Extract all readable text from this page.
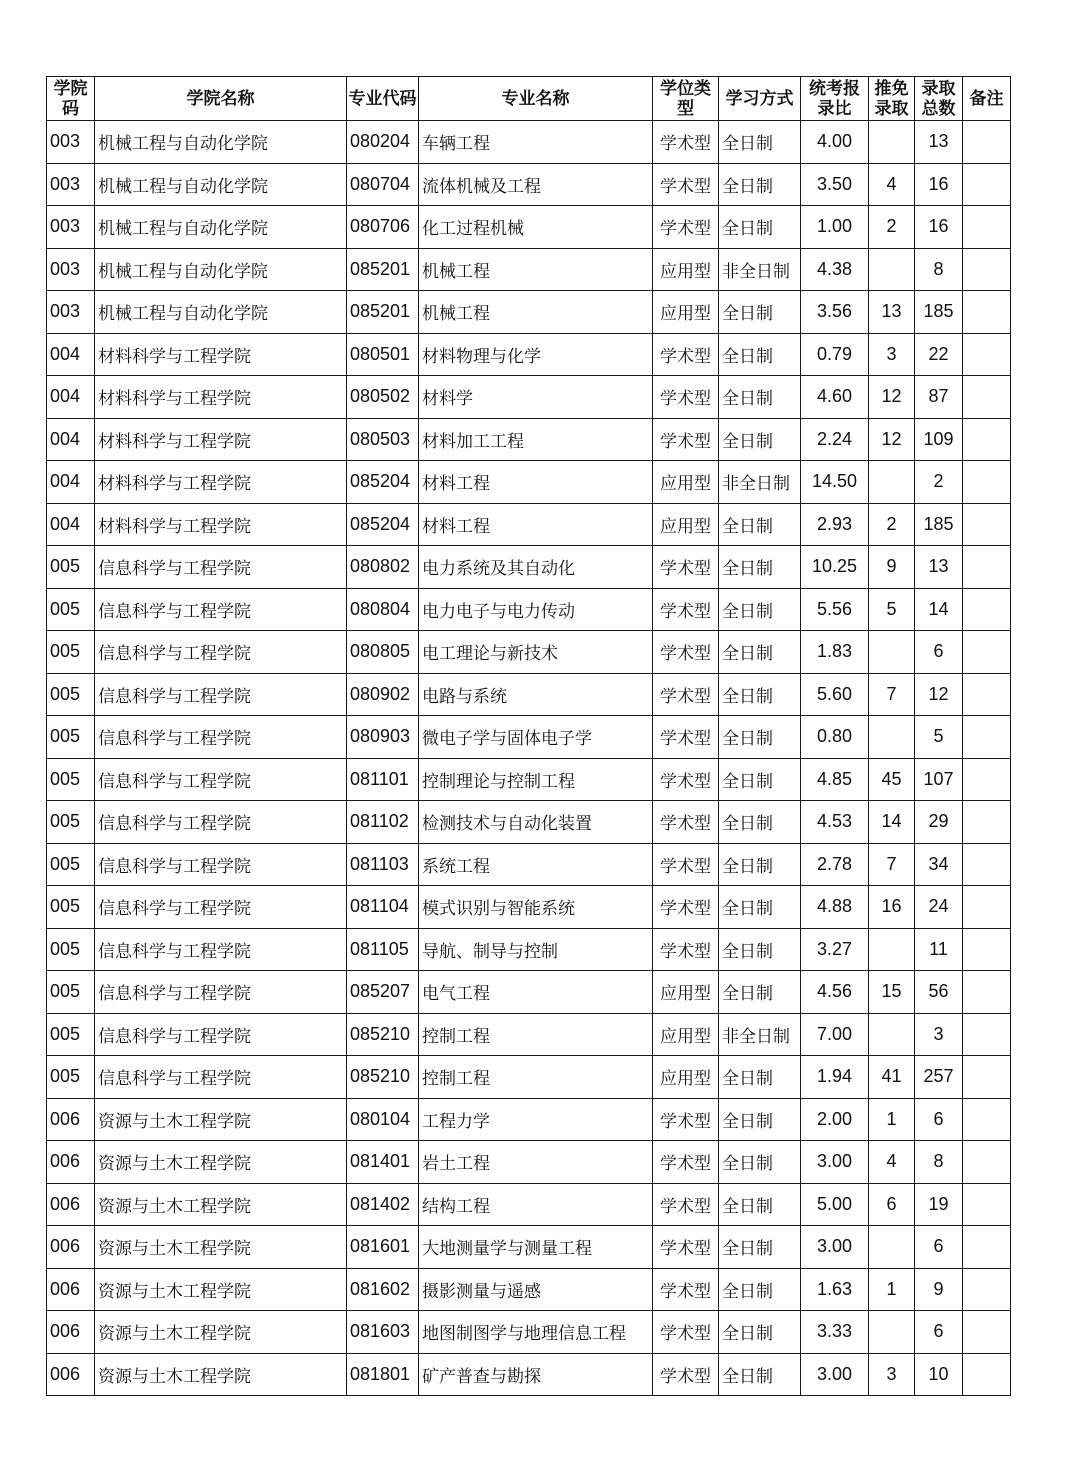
学院码	学院名称	专业代码	专业名称	学位类型	学习方式	统考报录比	推免录取	录取总数	备注
003	机械工程与自动化学院	080204	车辆工程	学术型	全日制	4.00		13	
003	机械工程与自动化学院	080704	流体机械及工程	学术型	全日制	3.50	4	16	
003	机械工程与自动化学院	080706	化工过程机械	学术型	全日制	1.00	2	16	
003	机械工程与自动化学院	085201	机械工程	应用型	非全日制	4.38		8	
003	机械工程与自动化学院	085201	机械工程	应用型	全日制	3.56	13	185	
004	材料科学与工程学院	080501	材料物理与化学	学术型	全日制	0.79	3	22	
004	材料科学与工程学院	080502	材料学	学术型	全日制	4.60	12	87	
004	材料科学与工程学院	080503	材料加工工程	学术型	全日制	2.24	12	109	
004	材料科学与工程学院	085204	材料工程	应用型	非全日制	14.50		2	
004	材料科学与工程学院	085204	材料工程	应用型	全日制	2.93	2	185	
005	信息科学与工程学院	080802	电力系统及其自动化	学术型	全日制	10.25	9	13	
005	信息科学与工程学院	080804	电力电子与电力传动	学术型	全日制	5.56	5	14	
005	信息科学与工程学院	080805	电工理论与新技术	学术型	全日制	1.83		6	
005	信息科学与工程学院	080902	电路与系统	学术型	全日制	5.60	7	12	
005	信息科学与工程学院	080903	微电子学与固体电子学	学术型	全日制	0.80		5	
005	信息科学与工程学院	081101	控制理论与控制工程	学术型	全日制	4.85	45	107	
005	信息科学与工程学院	081102	检测技术与自动化装置	学术型	全日制	4.53	14	29	
005	信息科学与工程学院	081103	系统工程	学术型	全日制	2.78	7	34	
005	信息科学与工程学院	081104	模式识别与智能系统	学术型	全日制	4.88	16	24	
005	信息科学与工程学院	081105	导航、制导与控制	学术型	全日制	3.27		11	
005	信息科学与工程学院	085207	电气工程	应用型	全日制	4.56	15	56	
005	信息科学与工程学院	085210	控制工程	应用型	非全日制	7.00		3	
005	信息科学与工程学院	085210	控制工程	应用型	全日制	1.94	41	257	
006	资源与土木工程学院	080104	工程力学	学术型	全日制	2.00	1	6	
006	资源与土木工程学院	081401	岩土工程	学术型	全日制	3.00	4	8	
006	资源与土木工程学院	081402	结构工程	学术型	全日制	5.00	6	19	
006	资源与土木工程学院	081601	大地测量学与测量工程	学术型	全日制	3.00		6	
006	资源与土木工程学院	081602	摄影测量与遥感	学术型	全日制	1.63	1	9	
006	资源与土木工程学院	081603	地图制图学与地理信息工程	学术型	全日制	3.33		6	
006	资源与土木工程学院	081801	矿产普查与勘探	学术型	全日制	3.00	3	10	
